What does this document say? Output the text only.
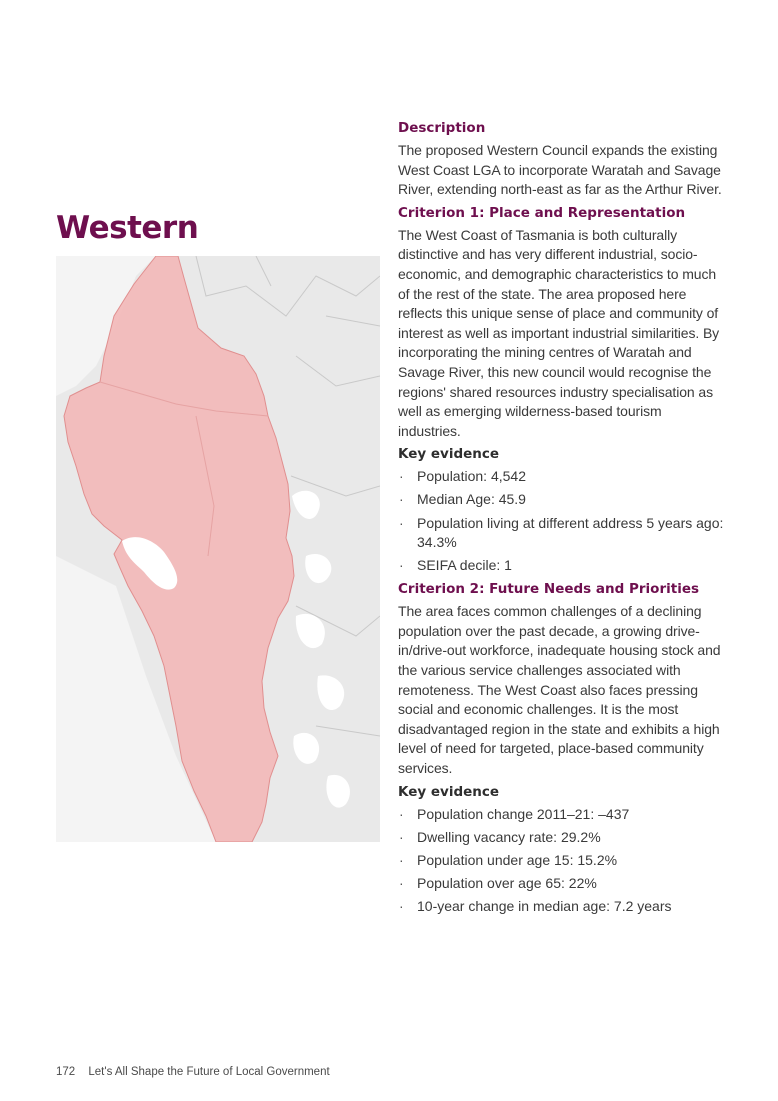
Western
Description

The proposed Western Council expands the existing West Coast LGA to incorporate Waratah and Savage River, extending north-east as far as the Arthur River.

Criterion 1: Place and Representation

The West Coast of Tasmania is both culturally distinctive and has very different industrial, socio-economic, and demographic characteristics to much of the rest of the state. The area proposed here reflects this unique sense of place and community of interest as well as important industrial similarities. By incorporating the mining centres of Waratah and Savage River, this new council would recognise the regions' shared resources industry specialisation as well as emerging wilderness-based tourism industries.

Key evidence
· Population: 4,542
· Median Age: 45.9
· Population living at different address 5 years ago: 34.3%
· SEIFA decile: 1
Criterion 2: Future Needs and Priorities

The area faces common challenges of a declining population over the past decade, a growing drive-in/drive-out workforce, inadequate housing stock and the various service challenges associated with remoteness. The West Coast also faces pressing social and economic challenges. It is the most disadvantaged region in the state and exhibits a high level of need for targeted, place-based community services.

Key evidence
· Population change 2011–21: –437
· Dwelling vacancy rate: 29.2%
· Population under age 15: 15.2%
· Population over age 65: 22%
· 10-year change in median age: 7.2 years
172 Let's All Shape the Future of Local Government
